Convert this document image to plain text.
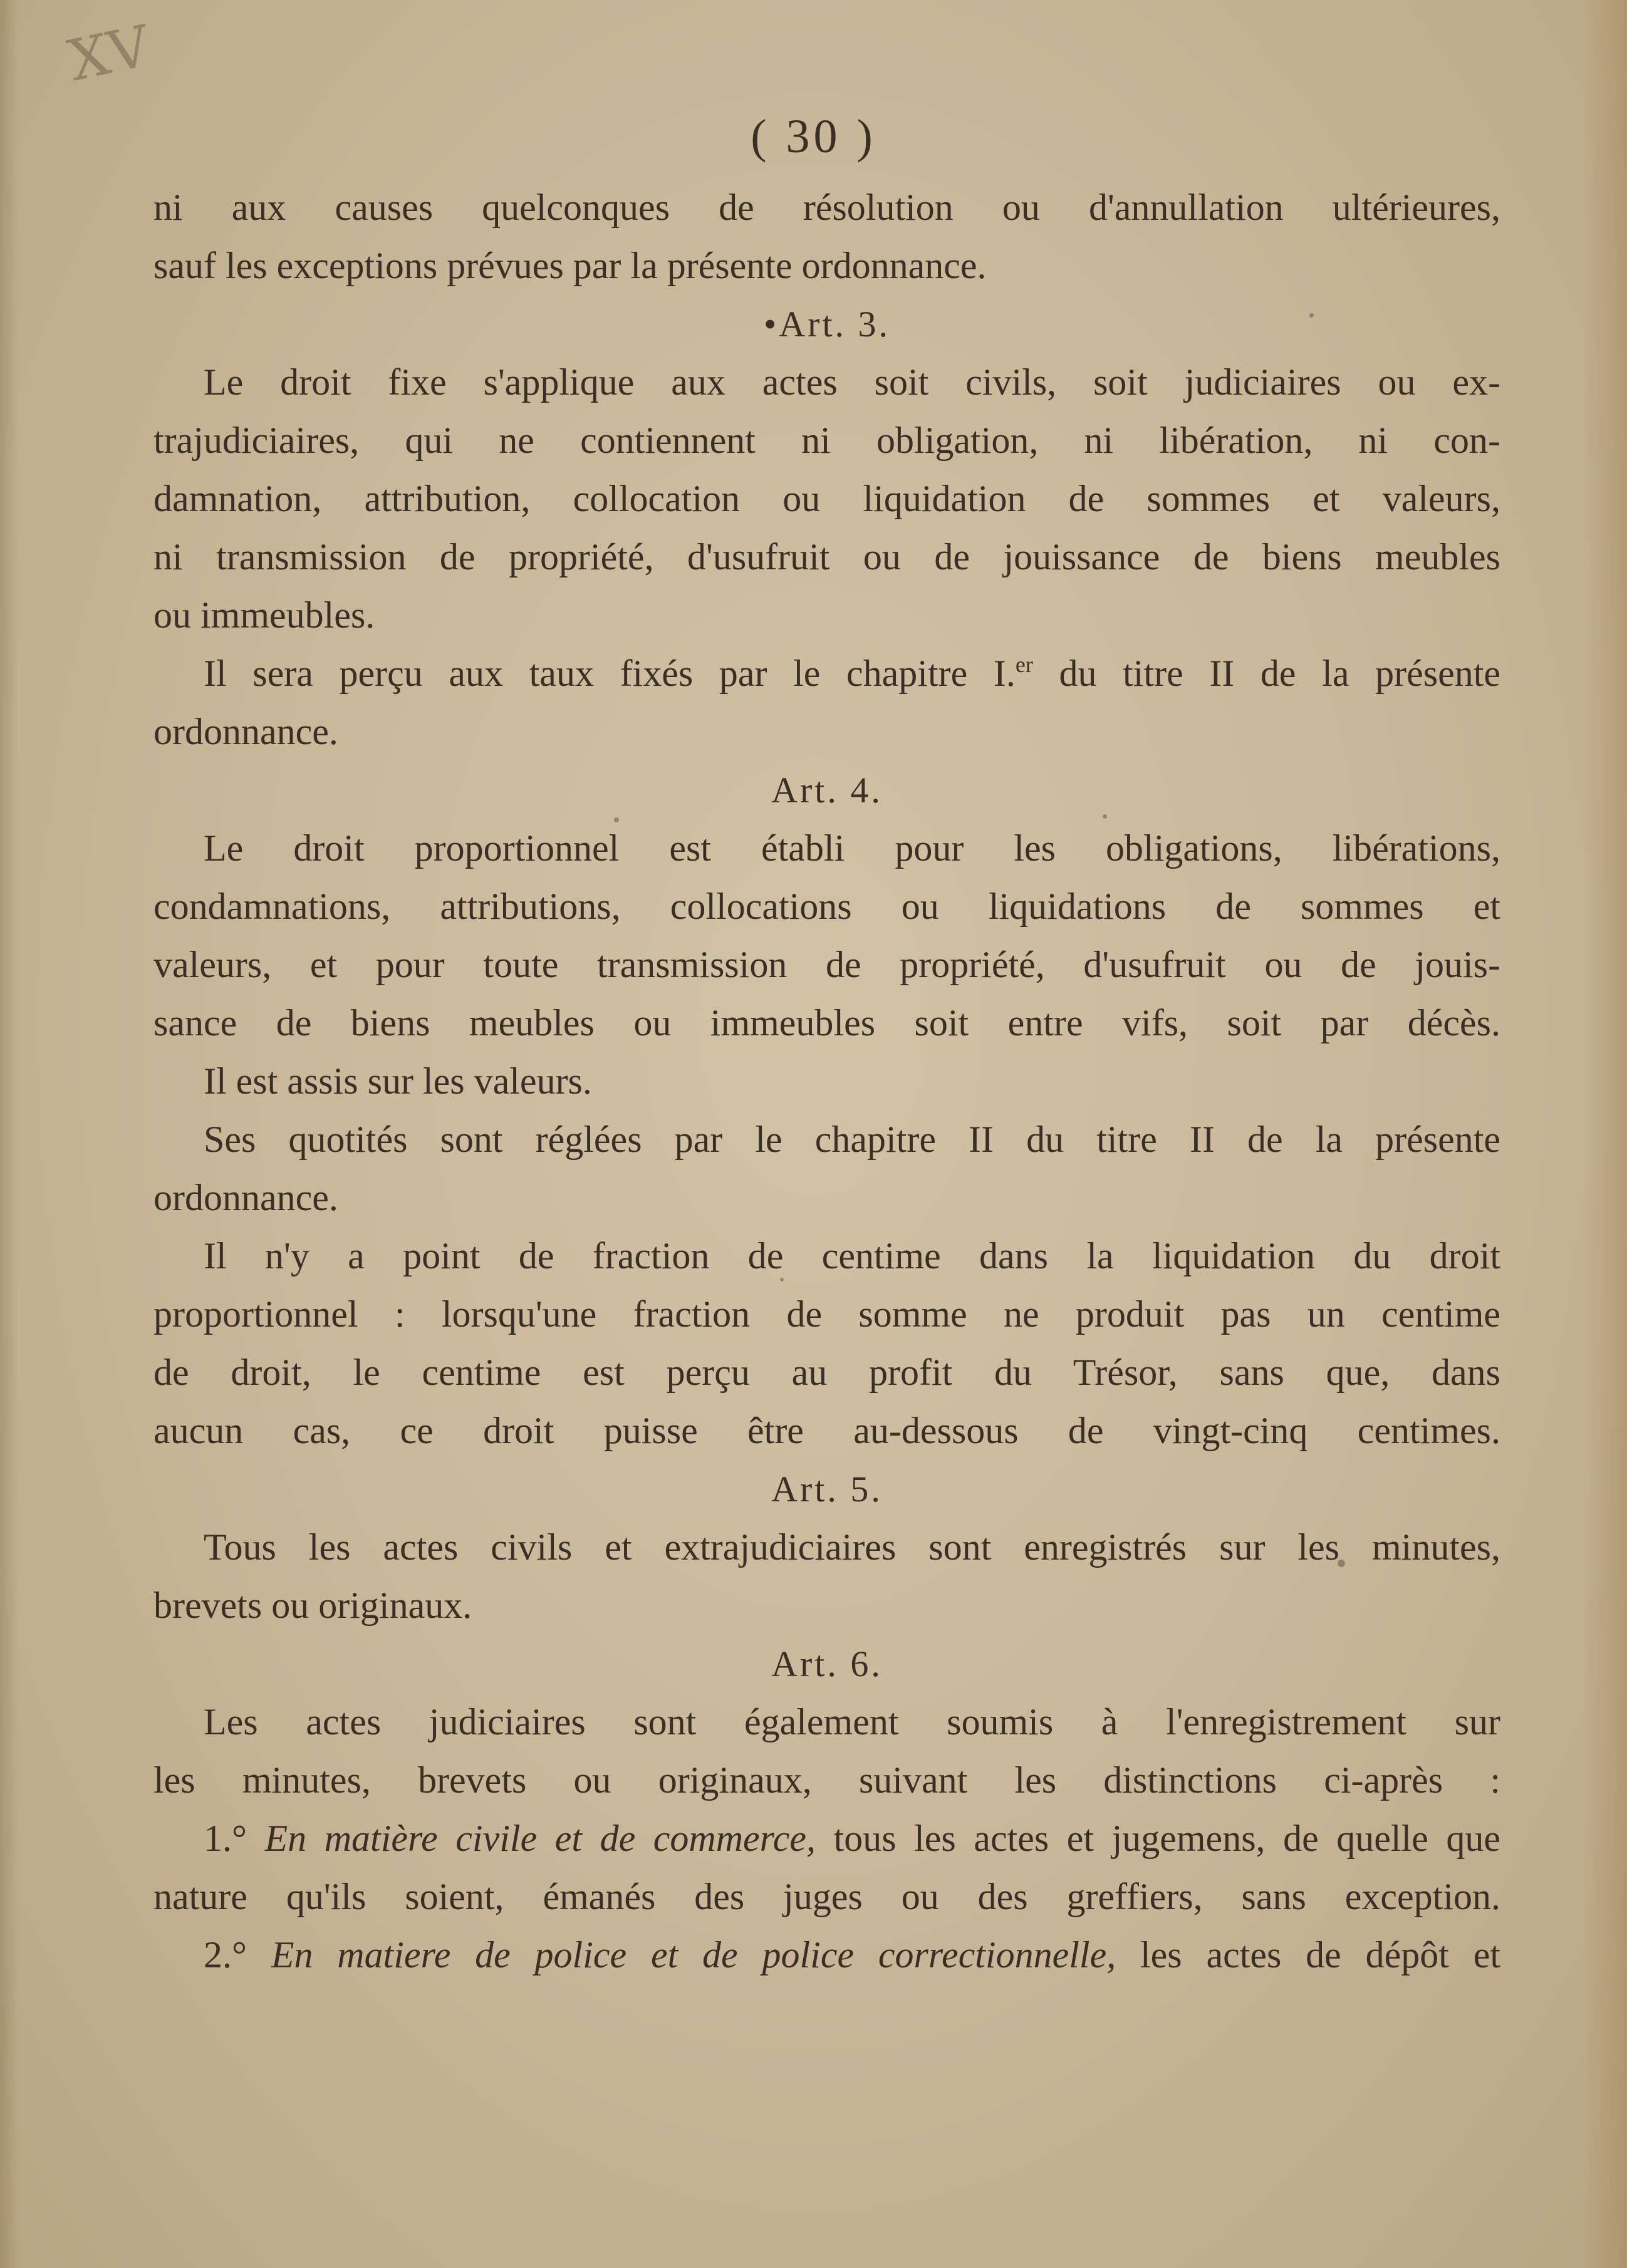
XV
( 30 )
ni aux causes quelconques de résolution ou d'annullation ultérieures,
sauf les exceptions prévues par la présente ordonnance.
•Art. 3.
Le droit fixe s'applique aux actes soit civils, soit judiciaires ou ex-
trajudiciaires, qui ne contiennent ni obligation, ni libération, ni con-
damnation, attribution, collocation ou liquidation de sommes et valeurs,
ni transmission de propriété, d'usufruit ou de jouissance de biens meubles
ou immeubles.
Il sera perçu aux taux fixés par le chapitre I.$^{er}$ du titre II de la présente
ordonnance.
Art. 4.
Le droit proportionnel est établi pour les obligations, libérations,
condamnations, attributions, collocations ou liquidations de sommes et
valeurs, et pour toute transmission de propriété, d'usufruit ou de jouis-
sance de biens meubles ou immeubles soit entre vifs, soit par décès.
Il est assis sur les valeurs.
Ses quotités sont réglées par le chapitre II du titre II de la présente
ordonnance.
Il n'y a point de fraction de centime dans la liquidation du droit
proportionnel : lorsqu'une fraction de somme ne produit pas un centime
de droit, le centime est perçu au profit du Trésor, sans que, dans
aucun cas, ce droit puisse être au-dessous de vingt-cinq centimes.
Art. 5.
Tous les actes civils et extrajudiciaires sont enregistrés sur les minutes,
brevets ou originaux.
Art. 6.
Les actes judiciaires sont également soumis à l'enregistrement sur
les minutes, brevets ou originaux, suivant les distinctions ci-après :
1.° En matière civile et de commerce, tous les actes et jugemens, de quelle que
nature qu'ils soient, émanés des juges ou des greffiers, sans exception.
2.° En matiere de police et de police correctionnelle, les actes de dépôt et
